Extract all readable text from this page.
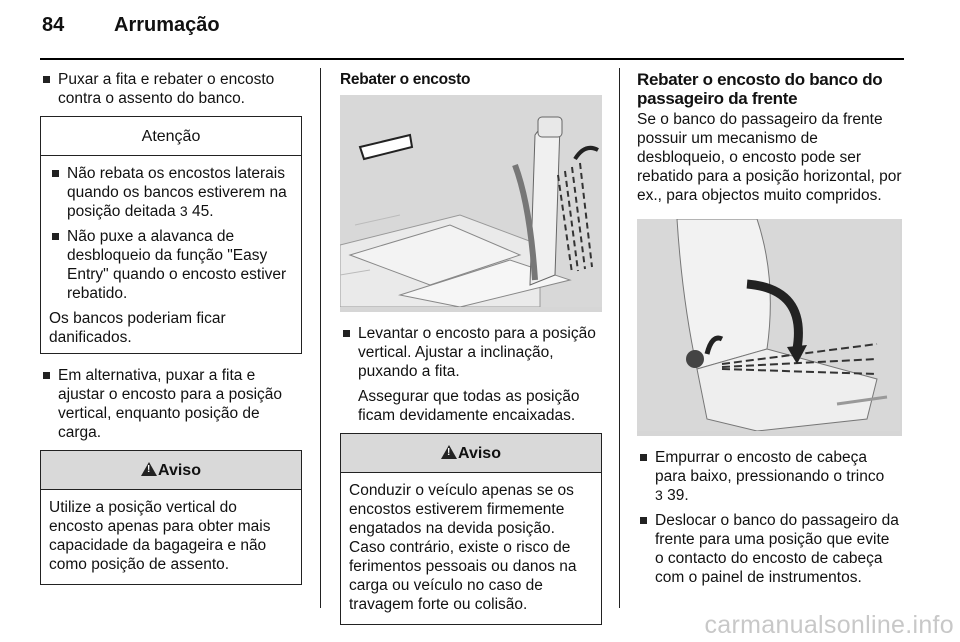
84 Arrumação
Puxar a fita e rebater o encosto contra o assento do banco.
Atenção
Não rebata os encostos laterais quando os bancos estiverem na posição deitada 3 45.
Não puxe a alavanca de desbloqueio da função "Easy Entry" quando o encosto estiver rebatido.
Os bancos poderiam ficar danificados.
Em alternativa, puxar a fita e ajustar o encosto para a posição vertical, enquanto posição de carga.
! Aviso
Utilize a posição vertical do encosto apenas para obter mais capacidade da bagageira e não como posição de assento.
Rebater o encosto
Levantar o encosto para a posição vertical. Ajustar a inclinação, puxando a fita.
Assegurar que todas as posição ficam devidamente encaixadas.
! Aviso
Conduzir o veículo apenas se os encostos estiverem firmemente engatados na devida posição. Caso contrário, existe o risco de ferimentos pessoais ou danos na carga ou veículo no caso de travagem forte ou colisão.
Rebater o encosto do banco do passageiro da frente
Se o banco do passageiro da frente possuir um mecanismo de desbloqueio, o encosto pode ser rebatido para a posição horizontal, por ex., para objectos muito compridos.
Empurrar o encosto de cabeça para baixo, pressionando o trinco
3 39.
Deslocar o banco do passageiro da frente para uma posição que evite o contacto do encosto de cabeça com o painel de instrumentos.
carmanualsonline.info
